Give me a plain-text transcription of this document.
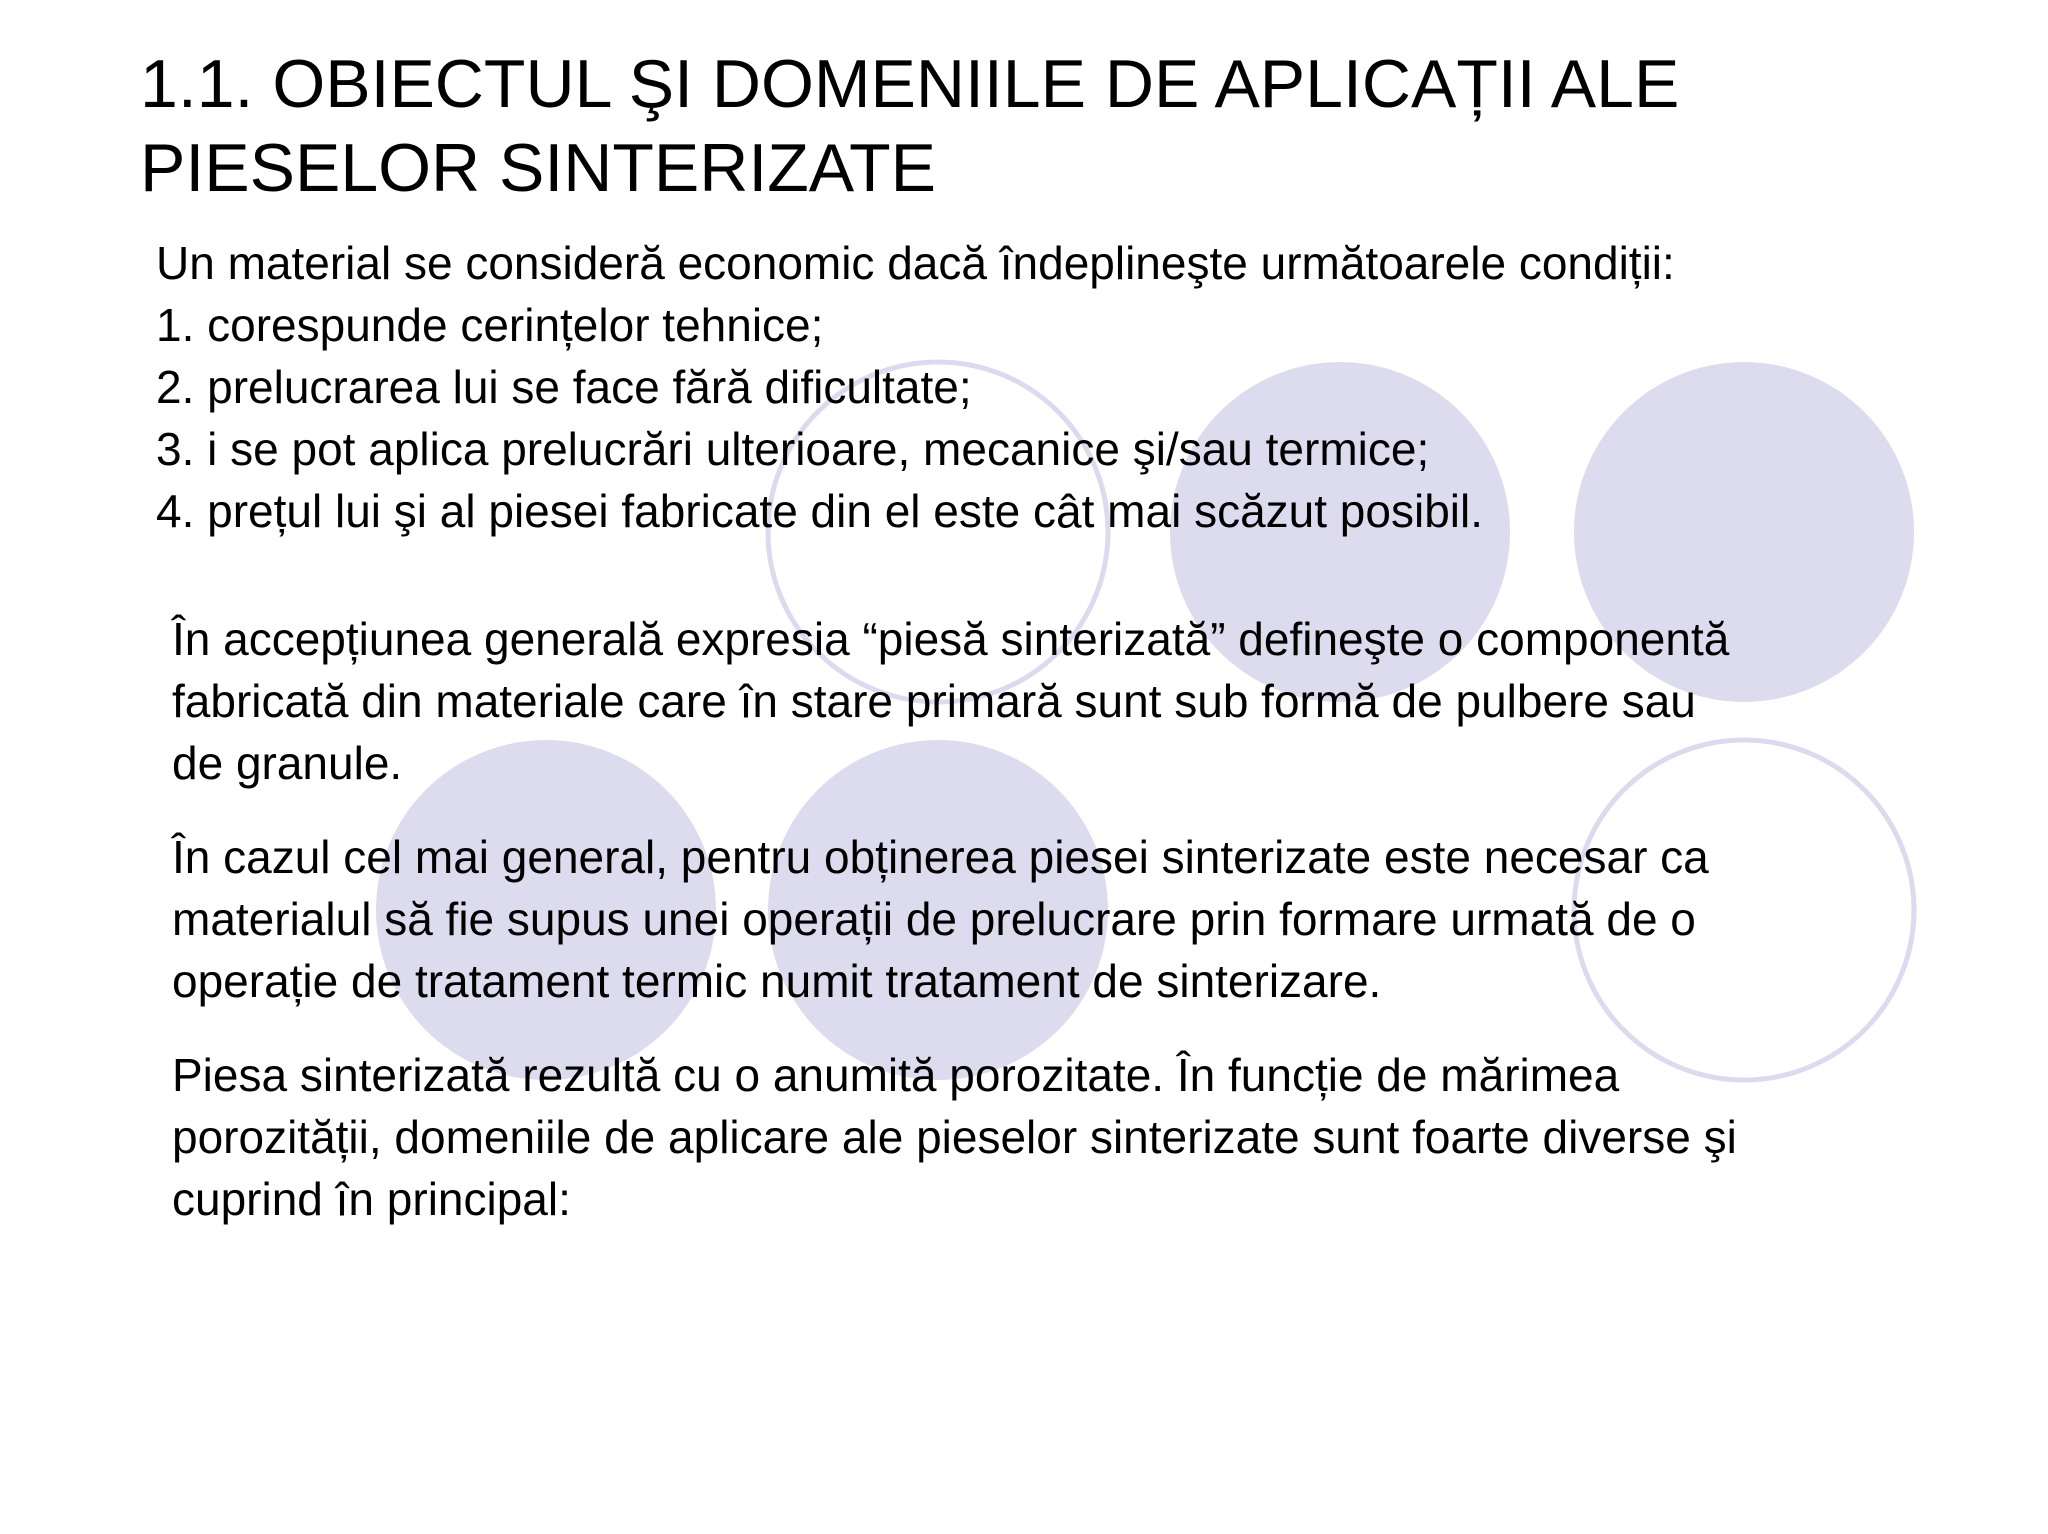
1.1. OBIECTUL ŞI DOMENIILE DE APLICAȚII ALE
PIESELOR SINTERIZATE
Un material se consideră economic dacă îndeplineşte următoarele condiții:
1. corespunde cerințelor tehnice;
2. prelucrarea lui se face fără dificultate;
3. i se pot aplica prelucrări ulterioare, mecanice şi/sau termice;
4. prețul lui şi al piesei fabricate din el este cât mai scăzut posibil.

În accepțiunea generală expresia “piesă sinterizată” defineşte o componentă
fabricată din materiale care în stare primară sunt sub formă de pulbere sau
de granule.

În cazul cel mai general, pentru obținerea piesei sinterizate este necesar ca
materialul să fie supus unei operații de prelucrare prin formare urmată de o
operație de tratament termic numit tratament de sinterizare.

Piesa sinterizată rezultă cu o anumită porozitate. În funcție de mărimea
porozității, domeniile de aplicare ale pieselor sinterizate sunt foarte diverse şi
cuprind în principal:
